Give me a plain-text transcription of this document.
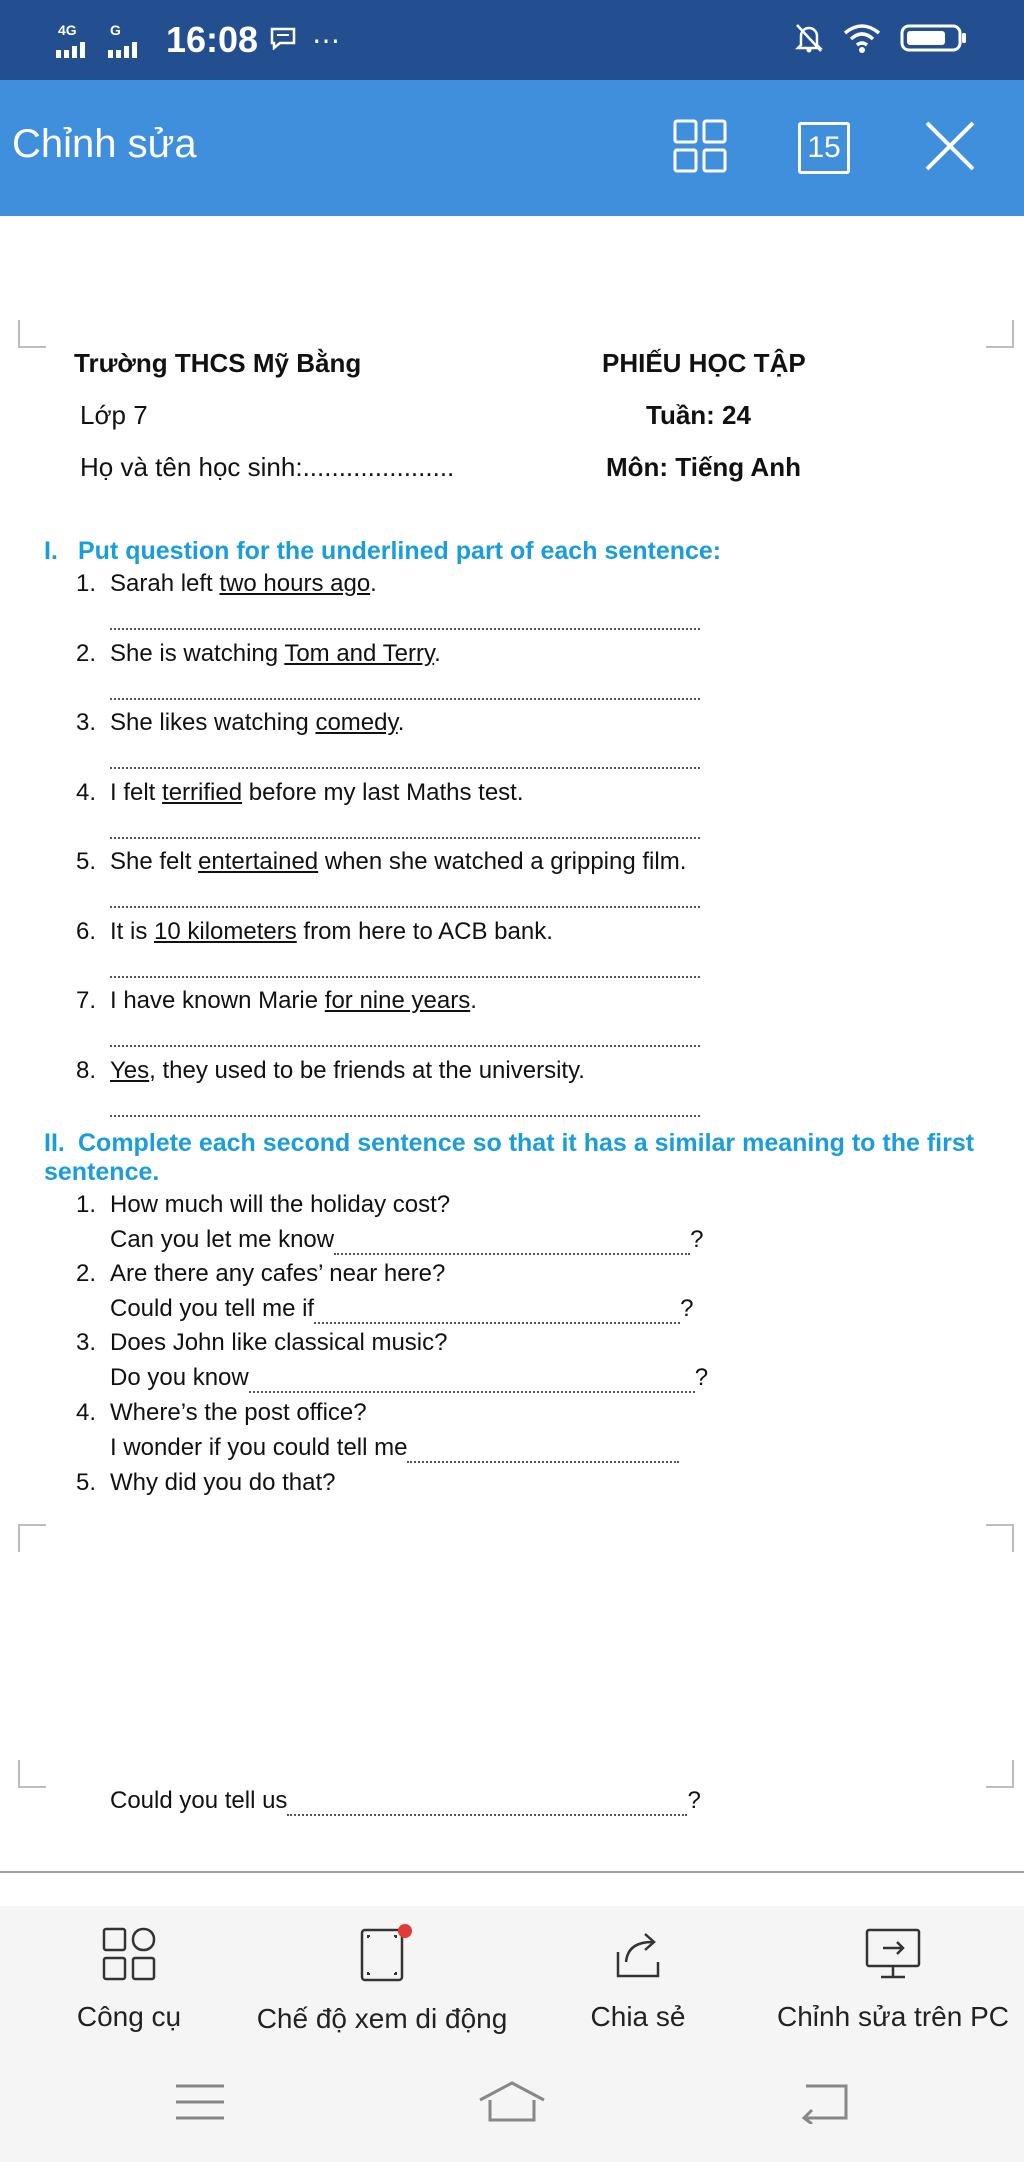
4G G 16:08 ⋯
Chỉnh sửa	15
Trường THCS Mỹ Bằng	PHIẾU HỌC TẬP
Lớp 7	Tuần: 24
Họ và tên học sinh:.....................	Môn: Tiếng Anh
I. Put question for the underlined part of each sentence:
1. Sarah left two hours ago.
2. She is watching Tom and Terry.
3. She likes watching comedy.
4. I felt terrified before my last Maths test.
5. She felt entertained when she watched a gripping film.
6. It is 10 kilometers from here to ACB bank.
7. I have known Marie for nine years.
8. Yes, they used to be friends at the university.
II. Complete each second sentence so that it has a similar meaning to the first
sentence.
1. How much will the holiday cost?
Can you let me know	?
2. Are there any cafes’ near here?
Could you tell me if	?
3. Does John like classical music?
Do you know	?
4. Where’s the post office?
I wonder if you could tell me
5. Why did you do that?
Could you tell us	?
Công cụ	Chế độ xem di động	Chia sẻ	Chỉnh sửa trên PC
